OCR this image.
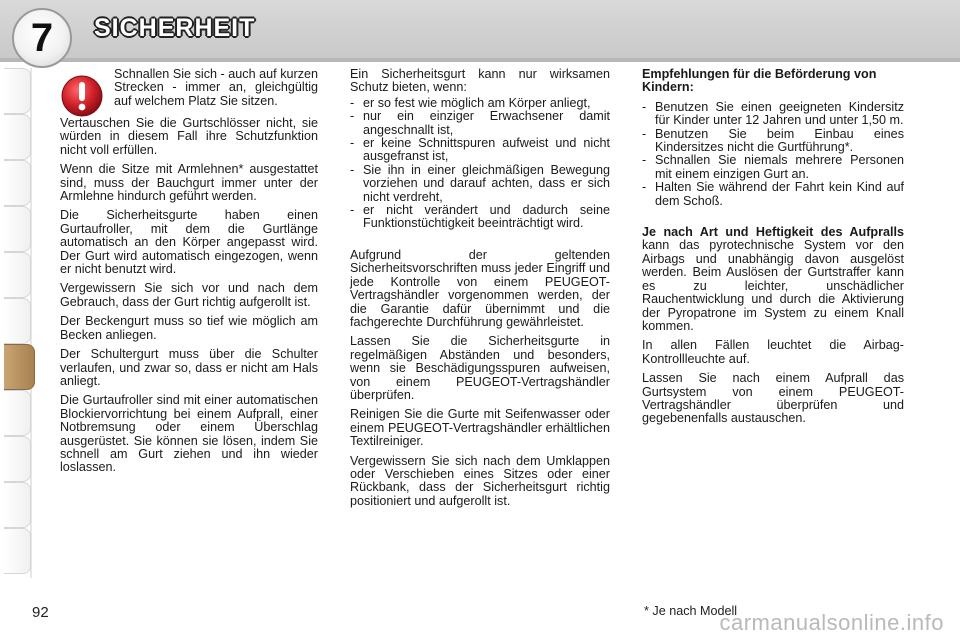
7 SICHERHEIT
Schnallen Sie sich - auch auf kurzen Strecken - immer an, gleichgültig auf welchem Platz Sie sitzen.

Vertauschen Sie die Gurtschlösser nicht, sie würden in diesem Fall ihre Schutzfunktion nicht voll erfüllen.

Wenn die Sitze mit Armlehnen* ausgestattet sind, muss der Bauchgurt immer unter der Armlehne hindurch geführt werden.

Die Sicherheitsgurte haben einen Gurtaufroller, mit dem die Gurtlänge automatisch an den Körper angepasst wird. Der Gurt wird automatisch eingezogen, wenn er nicht benutzt wird.

Vergewissern Sie sich vor und nach dem Gebrauch, dass der Gurt richtig aufgerollt ist.

Der Beckengurt muss so tief wie möglich am Becken anliegen.

Der Schultergurt muss über die Schulter verlaufen, und zwar so, dass er nicht am Hals anliegt.

Die Gurtaufroller sind mit einer automatischen Blockiervorrichtung bei einem Aufprall, einer Notbremsung oder einem Überschlag ausgerüstet. Sie können sie lösen, indem Sie schnell am Gurt ziehen und ihn wieder loslassen.

Ein Sicherheitsgurt kann nur wirksamen Schutz bieten, wenn:

- er so fest wie möglich am Körper anliegt,
- nur ein einziger Erwachsener damit angeschnallt ist,
- er keine Schnittspuren aufweist und nicht ausgefranst ist,
- Sie ihn in einer gleichmäßigen Bewegung vorziehen und darauf achten, dass er sich nicht verdreht,
- er nicht verändert und dadurch seine Funktionstüchtigkeit beeinträchtigt wird.

Aufgrund der geltenden Sicherheitsvorschriften muss jeder Eingriff und jede Kontrolle von einem PEUGEOT-Vertragshändler vorgenommen werden, der die Garantie dafür übernimmt und die fachgerechte Durchführung gewährleistet.

Lassen Sie die Sicherheitsgurte in regelmäßigen Abständen und besonders, wenn sie Beschädigungsspuren aufweisen, von einem PEUGEOT-Vertragshändler überprüfen.

Reinigen Sie die Gurte mit Seifenwasser oder einem PEUGEOT-Vertragshändler erhältlichen Textilreiniger.

Vergewissern Sie sich nach dem Umklappen oder Verschieben eines Sitzes oder einer Rückbank, dass der Sicherheitsgurt richtig positioniert und aufgerollt ist.

Empfehlungen für die Beförderung von Kindern:

- Benutzen Sie einen geeigneten Kindersitz für Kinder unter 12 Jahren und unter 1,50 m.
- Benutzen Sie beim Einbau eines Kindersitzes nicht die Gurtführung*.
- Schnallen Sie niemals mehrere Personen mit einem einzigen Gurt an.
- Halten Sie während der Fahrt kein Kind auf dem Schoß.

Je nach Art und Heftigkeit des Aufpralls kann das pyrotechnische System vor den Airbags und unabhängig davon ausgelöst werden. Beim Auslösen der Gurtstraffer kann es zu leichter, unschädlicher Rauchentwicklung und durch die Aktivierung der Pyropatrone im System zu einem Knall kommen.

In allen Fällen leuchtet die Airbag-Kontrollleuchte auf.

Lassen Sie nach einem Aufprall das Gurtsystem von einem PEUGEOT-Vertragshändler überprüfen und gegebenenfalls austauschen.

92	* Je nach Modell
carmanualsonline.info
